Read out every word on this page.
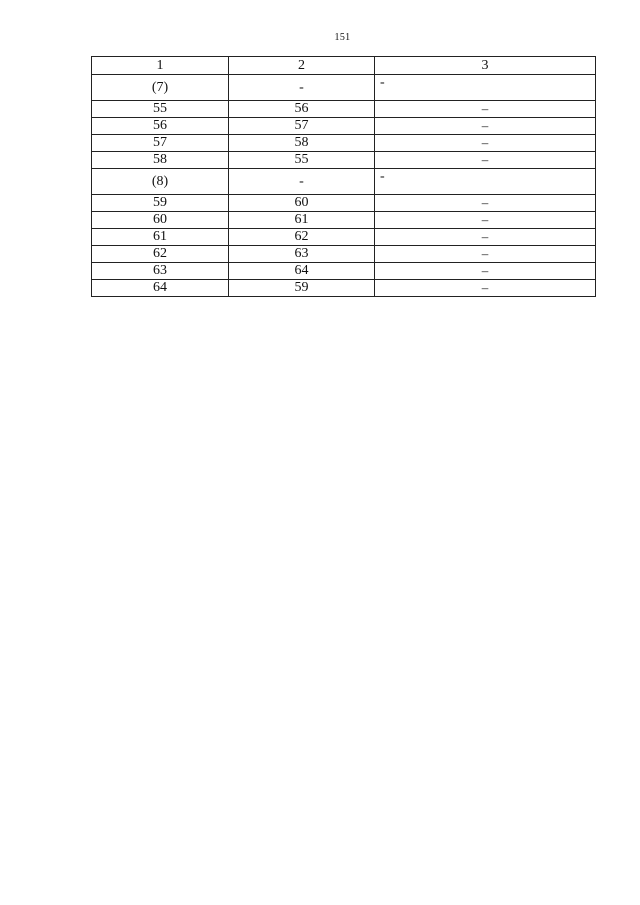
151
1	2	3
(7)	-	-
55	56	–
56	57	–
57	58	–
58	55	–
(8)	-	-
59	60	–
60	61	–
61	62	–
62	63	–
63	64	–
64	59	–
